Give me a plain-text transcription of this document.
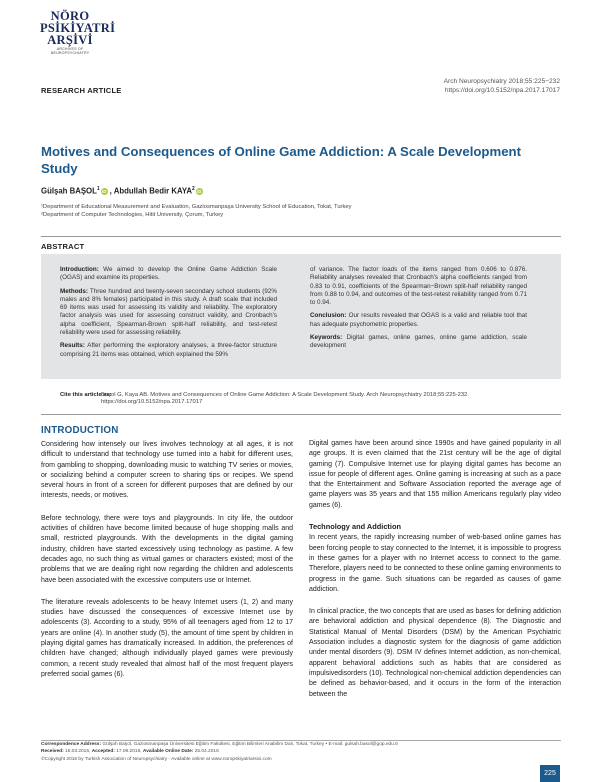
NÖRO
PSİKİYATRİ
ARŞİVİ
ARCHIVES OF NEUROPSYCHIATRY
Arch Neuropsychiatry 2018;55:225−232
https://doi.org/10.5152/npa.2017.17017
RESEARCH ARTICLE
Motives and Consequences of Online Game Addiction: A Scale Development Study
Gülşah BAŞOL$^1$ iD , Abdullah Bedir KAYA$^2$ iD
¹Department of Educational Measurement and Evaluation, Gaziosmanpaşa University School of Education, Tokat, Turkey
²Department of Computer Technologies, Hitit University, Çorum, Turkey
ABSTRACT

Introduction: We aimed to develop the Online Game Addiction Scale (OGAS) and examine its properties.

Methods: Three hundred and twenty-seven secondary school students (92% males and 8% females) participated in this study. A draft scale that included 69 items was used for assessing its validity and reliability. The exploratory factor analysis was used for assessing construct validity, and Cronbach's alpha coefficient, Spearman-Brown split-half reliability, and test-retest reliability were used for assessing reliability.

Results: After performing the exploratory analyses, a three-factor structure comprising 21 items was obtained, which explained the 59%

of variance. The factor loads of the items ranged from 0.606 to 0.876. Reliability analyses revealed that Cronbach's alpha coefficients ranged from 0.83 to 0.91, coefficients of the Spearman−Brown split-half reliability ranged from 0.88 to 0.94, and outcomes of the test-retest reliability ranged from 0.71 to 0.94.

Conclusion: Our results revealed that OGAS is a valid and reliable tool that has adequate psychometric properties.

Keywords: Digital games, online games, online game addiction, scale development

Cite this article as:
Başol G, Kaya AB. Motives and Consequences of Online Game Addiction: A Scale Development Study. Arch Neuropsychiatry 2018;55:225-232. https://doi.org/10.5152/npa.2017.17017
INTRODUCTION

Considering how intensely our lives involves technology at all ages, it is not difficult to understand that technology use turned into a habit for different uses, from gambling to shopping, downloading music to watching TV series or movies, or socializing behind a computer screen to sharing tips or recipes. We spend several hours in front of a screen for different purposes that are defined by our interests, needs, or motives.

Before technology, there were toys and playgrounds. In city life, the outdoor activities of children have become limited because of huge shopping malls and small, restricted playgrounds. With the developments in the digital gaming industry, children have started excessively using technology as pastime. A few decades ago, no such thing as virtual games or characters existed; most of the problems that we are dealing right now regarding the children and adolescents have been associated with the excessive computers use or Internet.

The literature reveals adolescents to be heavy Internet users (1, 2) and many studies have discussed the consequences of excessive Internet use by adolescents (3). According to a study, 95% of all teenagers aged from 12 to 17 years are online (4). In another study (5), the amount of time spent by children in playing digital games has dramatically increased. In addition, the preferences of children have changed; although individually played games were previously common, a recent study revealed that almost half of the most frequent players preferred social games (6).

Digital games have been around since 1990s and have gained popularity in all age groups. It is even claimed that the 21st century will be the age of digital gaming (7). Compulsive Internet use for playing digital games has become an issue for people of different ages. Online gaming is increasing at such as a pace that the Entertainment and Software Association reported the average age of game players was 35 years and that 155 million Americans regularly play video games (6).

Technology and Addiction

In recent years, the rapidly increasing number of web-based online games has been forcing people to stay connected to the Internet, it is impossible to progress in these games for a player with no Internet access to connect to the game. Therefore, players need to be connected to these online gaming environments to progress in the game. Such situations can be regarded as causes of game addiction.

In clinical practice, the two concepts that are used as bases for defining addiction are behavioral addiction and physical dependence (8). The Diagnostic and Statistical Manual of Mental Disorders (DSM) by the American Psychiatric Association includes a diagnostic system for the diagnosis of game addiction under mental disorders (9). DSM IV defines Internet addiction, as non-chemical, apparent behavioral addictions such as habits that are considered as impulsivedisorders (10). Technological non-chemical addiction dependencies can be defined as behavior-based, and it occurs in the form of the interaction between the

Correspondence Address: Gülşah Başol, Gaziosmanpaşa Üniversitesi Eğitim Fakültesi, Eğitim Bilimleri Anabilim Dalı, Tokat, Turkey • E-mail: gulsah.basol@gop.edu.tr
Received: 15.03.2016, Accepted: 17.08.2016, Available Online Date: 25.04.2018
©Copyright 2016 by Turkish Association of Neuropsychiatry - Available online at www.noropskiyatriarsivi.com
225
